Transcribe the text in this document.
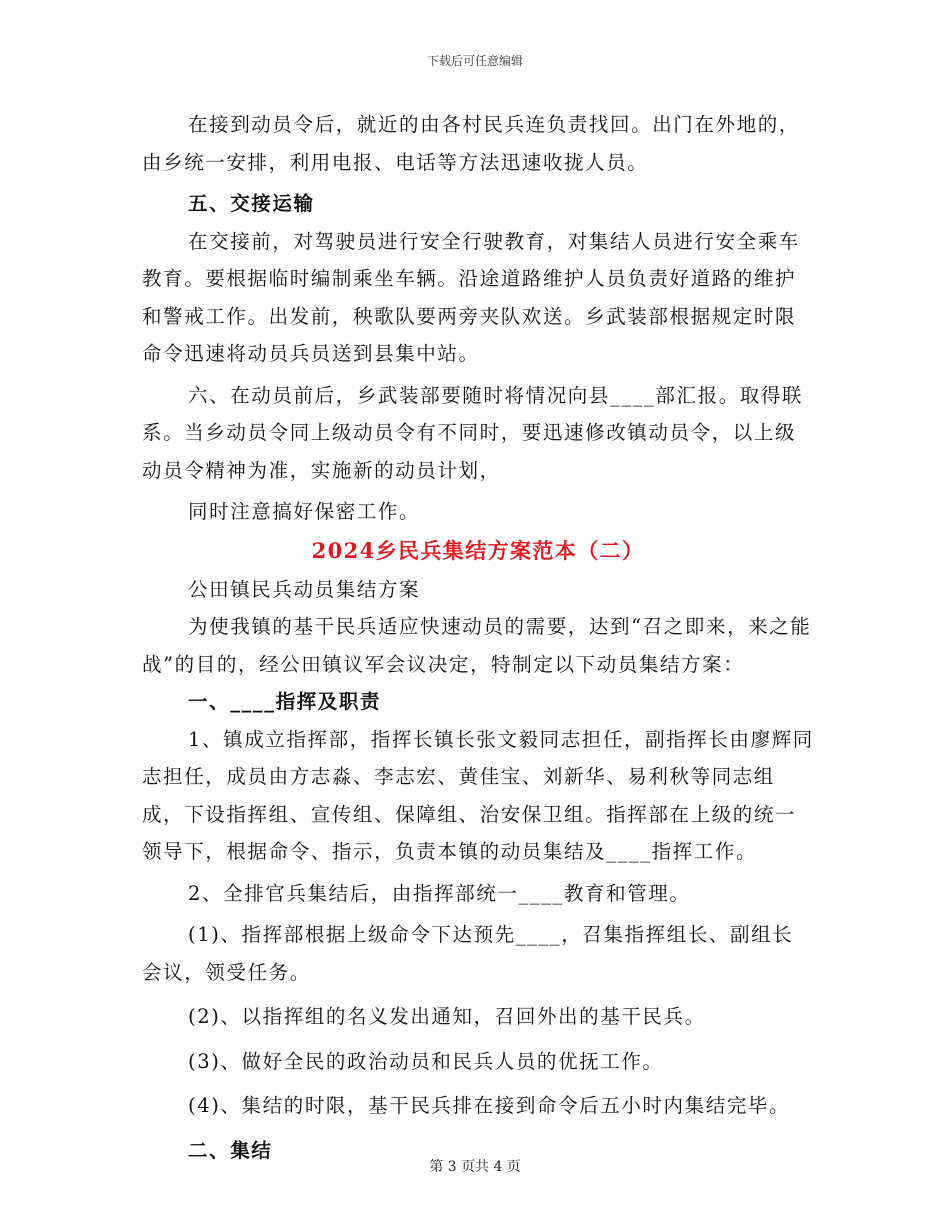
下载后可任意编辑

在接到动员令后，就近的由各村民兵连负责找回。出门在外地的，由乡统一安排，利用电报、电话等方法迅速收拢人员。

五、交接运输

在交接前，对驾驶员进行安全行驶教育，对集结人员进行安全乘车教育。要根据临时编制乘坐车辆。沿途道路维护人员负责好道路的维护和警戒工作。出发前，秧歌队要两旁夹队欢送。乡武装部根据规定时限命令迅速将动员兵员送到县集中站。

六、在动员前后，乡武装部要随时将情况向县____部汇报。取得联系。当乡动员令同上级动员令有不同时，要迅速修改镇动员令，以上级动员令精神为准，实施新的动员计划，

同时注意搞好保密工作。

2024乡民兵集结方案范本（二）

公田镇民兵动员集结方案

为使我镇的基干民兵适应快速动员的需要，达到“召之即来，来之能战”的目的，经公田镇议军会议决定，特制定以下动员集结方案：

一、____指挥及职责

1、镇成立指挥部，指挥长镇长张文毅同志担任，副指挥长由廖辉同志担任，成员由方志淼、李志宏、黄佳宝、刘新华、易利秋等同志组成，下设指挥组、宣传组、保障组、治安保卫组。指挥部在上级的统一领导下，根据命令、指示，负责本镇的动员集结及____指挥工作。

2、全排官兵集结后，由指挥部统一____教育和管理。

(1)、指挥部根据上级命令下达预先____，召集指挥组长、副组长会议，领受任务。

(2)、以指挥组的名义发出通知，召回外出的基干民兵。

(3)、做好全民的政治动员和民兵人员的优抚工作。

(4)、集结的时限，基干民兵排在接到命令后五小时内集结完毕。

二、集结

第 3 页共 4 页
